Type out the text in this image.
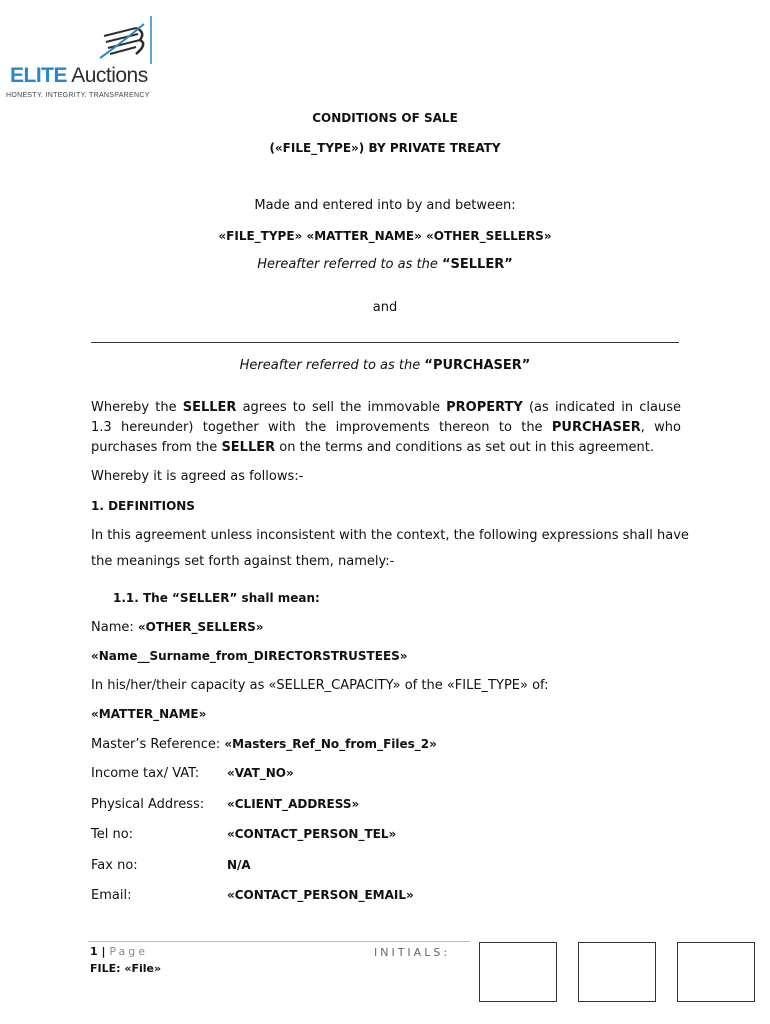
ELITE Auctions
HONESTY. INTEGRITY. TRANSPARENCY
CONDITIONS OF SALE
(«FILE_TYPE») BY PRIVATE TREATY
Made and entered into by and between:
«FILE_TYPE» «MATTER_NAME» «OTHER_SELLERS»
Hereafter referred to as the “SELLER”
and
Hereafter referred to as the “PURCHASER”
Whereby the SELLER agrees to sell the immovable PROPERTY (as indicated in clause 1.3 hereunder) together with the improvements thereon to the PURCHASER, who purchases from the SELLER on the terms and conditions as set out in this agreement.
Whereby it is agreed as follows:-
1. DEFINITIONS
In this agreement unless inconsistent with the context, the following expressions shall have
the meanings set forth against them, namely:-
1.1. The “SELLER” shall mean:
Name: «OTHER_SELLERS»
«Name__Surname_from_DIRECTORSTRUSTEES»
In his/her/their capacity as «SELLER_CAPACITY» of the «FILE_TYPE» of:
«MATTER_NAME»
Master’s Reference: «Masters_Ref_No_from_Files_2»
Income tax/ VAT: «VAT_NO»
Physical Address: «CLIENT_ADDRESS»
Tel no:	«CONTACT_PERSON_TEL»
Fax no:	N/A
Email:	«CONTACT_PERSON_EMAIL»
1 | Page
FILE: «File»
INITIALS:
